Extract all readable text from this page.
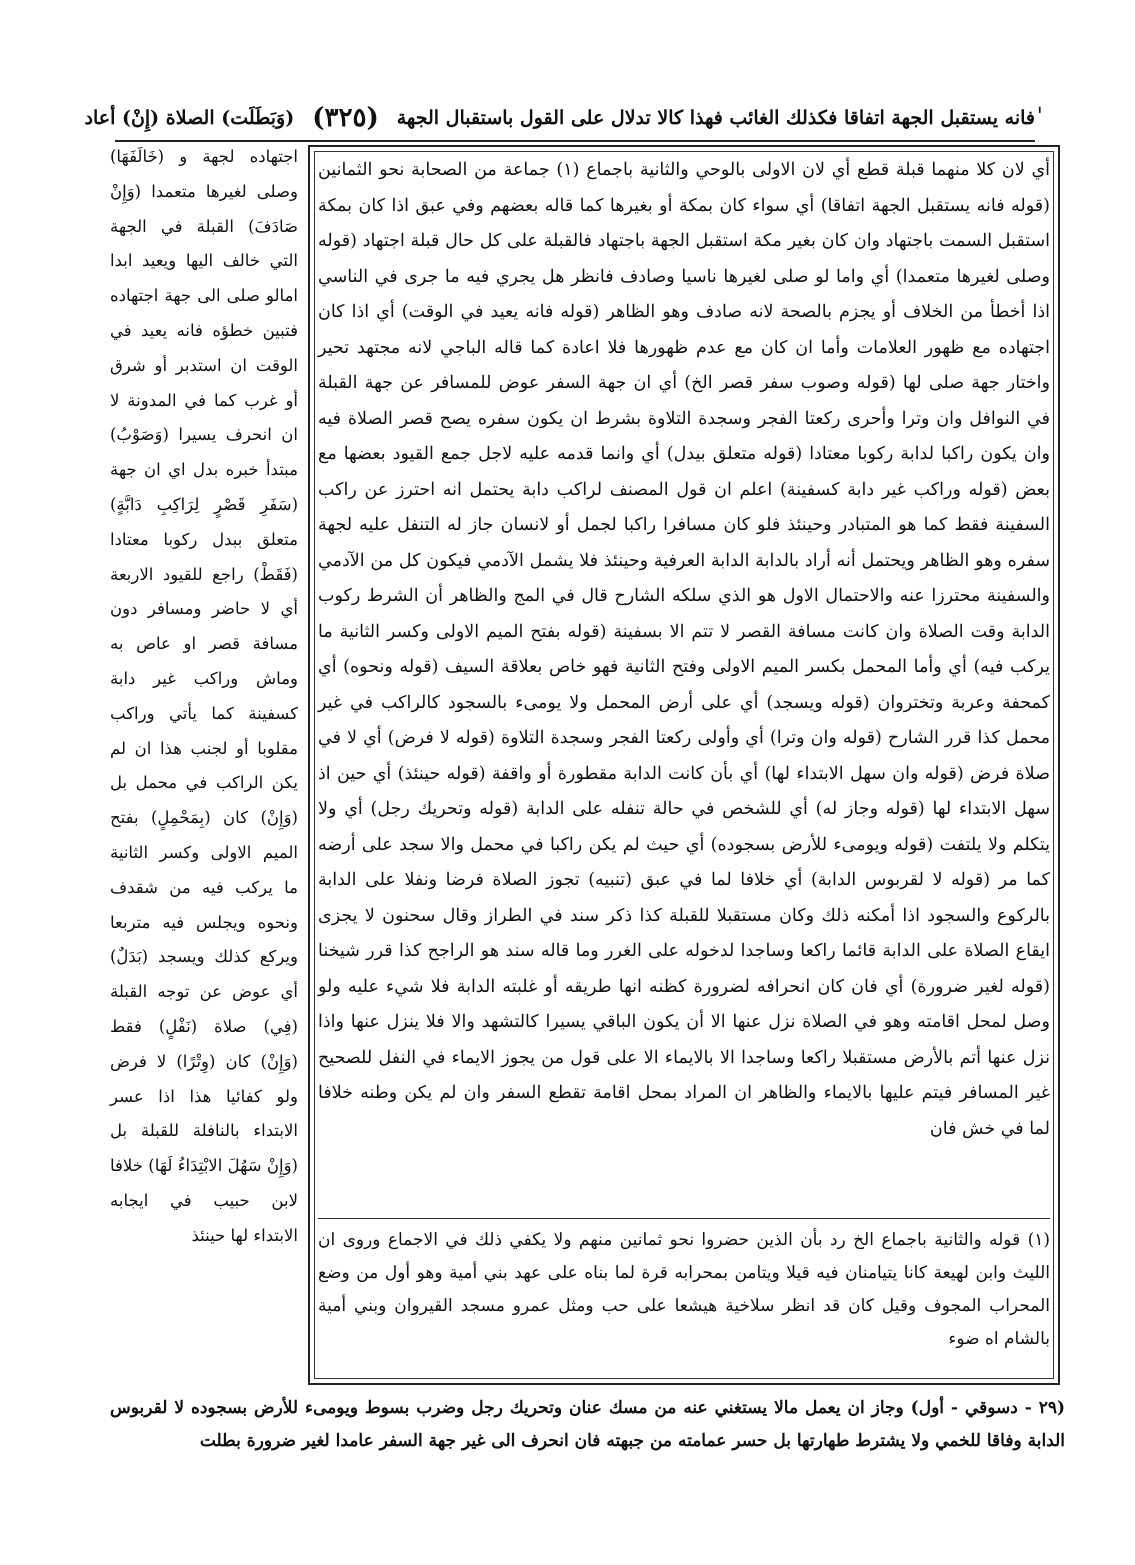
ٰفانه يستقبل الجهة اتفاقا فكذلك الغائب فهذا كالا تدلال على القول باستقبال الجهة
(٣٢٥)
(وَبَطَلَت) الصلاة (إِنْ) أعاد

أي لان كلا منهما قبلة قطع أي لان الاولى بالوحي والثانية باجماع (١) جماعة من الصحابة نحو الثمانين (قوله فانه يستقبل الجهة اتفاقا) أي سواء كان بمكة أو بغيرها كما قاله بعضهم وفي عبق اذا كان بمكة استقبل السمت باجتهاد وان كان بغير مكة استقبل الجهة باجتهاد فالقبلة على كل حال قبلة اجتهاد (قوله وصلى لغيرها متعمدا) أي واما لو صلى لغيرها ناسيا وصادف فانظر هل يجري فيه ما جرى في الناسي اذا أخطأ من الخلاف أو يجزم بالصحة لانه صادف وهو الظاهر (قوله فانه يعيد في الوقت) أي اذا كان اجتهاده مع ظهور العلامات وأما ان كان مع عدم ظهورها فلا اعادة كما قاله الباجي لانه مجتهد تحير واختار جهة صلى لها (قوله وصوب سفر قصر الخ) أي ان جهة السفر عوض للمسافر عن جهة القبلة في النوافل وان وترا وأحرى ركعتا الفجر وسجدة التلاوة بشرط ان يكون سفره يصح قصر الصلاة فيه وان يكون راكبا لدابة ركوبا معتادا (قوله متعلق بيدل) أي وانما قدمه عليه لاجل جمع القيود بعضها مع بعض (قوله وراكب غير دابة كسفينة) اعلم ان قول المصنف لراكب دابة يحتمل انه احترز عن راكب السفينة فقط كما هو المتبادر وحينئذ فلو كان مسافرا راكبا لجمل أو لانسان جاز له التنفل عليه لجهة سفره وهو الظاهر ويحتمل أنه أراد بالدابة الدابة العرفية وحينئذ فلا يشمل الآدمي فيكون كل من الآدمي والسفينة محترزا عنه والاحتمال الاول هو الذي سلكه الشارح قال في المج والظاهر أن الشرط ركوب الدابة وقت الصلاة وان كانت مسافة القصر لا تتم الا بسفينة (قوله بفتح الميم الاولى وكسر الثانية ما يركب فيه) أي وأما المحمل بكسر الميم الاولى وفتح الثانية فهو خاص بعلاقة السيف (قوله ونحوه) أي كمحفة وعربة وتختروان (قوله ويسجد) أي على أرض المحمل ولا يومىء بالسجود كالراكب في غير محمل كذا قرر الشارح (قوله وان وترا) أي وأولى ركعتا الفجر وسجدة التلاوة (قوله لا فرض) أي لا في صلاة فرض (قوله وان سهل الابتداء لها) أي بأن كانت الدابة مقطورة أو واقفة (قوله حينئذ) أي حين اذ سهل الابتداء لها (قوله وجاز له) أي للشخص في حالة تنفله على الدابة (قوله وتحريك رجل) أي ولا يتكلم ولا يلتفت (قوله ويومىء للأرض بسجوده) أي حيث لم يكن راكبا في محمل والا سجد على أرضه كما مر (قوله لا لقربوس الدابة) أي خلافا لما في عبق (تنبيه) تجوز الصلاة فرضا ونفلا على الدابة بالركوع والسجود اذا أمكنه ذلك وكان مستقبلا للقبلة كذا ذكر سند في الطراز وقال سحنون لا يجزى ايقاع الصلاة على الدابة قائما راكعا وساجدا لدخوله على الغرر وما قاله سند هو الراجح كذا قرر شيخنا (قوله لغير ضرورة) أي فان كان انحرافه لضرورة كظنه انها طريقه أو غلبته الدابة فلا شيء عليه ولو وصل لمحل اقامته وهو في الصلاة نزل عنها الا أن يكون الباقي يسيرا كالتشهد والا فلا ينزل عنها واذا نزل عنها أتم بالأرض مستقبلا راكعا وساجدا الا بالايماء الا على قول من يجوز الايماء في النفل للصحيح غير المسافر فيتم عليها بالايماء والظاهر ان المراد بمحل اقامة تقطع السفر وان لم يكن وطنه خلافا لما في خش فان

(١) قوله والثانية باجماع الخ رد بأن الذين حضروا نحو ثمانين منهم ولا يكفي ذلك في الاجماع وروى ان الليث وابن لهيعة كانا يتيامنان فيه قيلا ويتامن بمحرابه قرة لما بناه على عهد بني أمية وهو أول من وضع المحراب المجوف وقيل كان قد انظر سلاخية هيشعا على حب ومثل عمرو مسجد القيروان وبني أمية بالشام اه ضوء

اجتهاده لجهة و (خَالَفَهَا) وصلى لغيرها متعمدا (وَإِنْ صَادَفَ) القبلة في الجهة التي خالف اليها ويعيد ابدا امالو صلى الى جهة اجتهاده فتبين خطؤه فانه يعيد في الوقت ان استدبر أو شرق أو غرب كما في المدونة لا ان انحرف يسيرا (وَصَوْبُ) مبتدأ خبره بدل اي ان جهة (سَفَرِ قَصْرٍ لِرَاكِبِ دَابَّةٍ) متعلق ببدل ركوبا معتادا (فَقَطْ) راجع للقيود الاربعة أي لا حاضر ومسافر دون مسافة قصر او عاص به وماش وراكب غير دابة كسفينة كما يأتي وراكب مقلوبا أو لجنب هذا ان لم يكن الراكب في محمل بل (وَإِنْ) كان (بِمَحْمِلٍ) بفتح الميم الاولى وكسر الثانية ما يركب فيه من شقدف ونحوه ويجلس فيه متربعا ويركع كذلك ويسجد (بَدَلٌ) أي عوض عن توجه القبلة (فِي) صلاة (نَفْلٍ) فقط (وَإِنْ) كان (وِتْرًا) لا فرض ولو كفائيا هذا اذا عسر الابتداء بالنافلة للقبلة بل (وَإِنْ سَهُلَ الابْتِدَاءُ لَهَا) خلافا لابن حبيب في ايجابه الابتداء لها حينئذ

(٢٩ - دسوقي - أول) وجاز ان يعمل مالا يستغني عنه من مسك عنان وتحريك رجل وضرب بسوط ويومىء للأرض بسجوده لا لقربوس الدابة وفاقا للخمي ولا يشترط طهارتها بل حسر عمامته من جبهته فان انحرف الى غير جهة السفر عامدا لغير ضرورة بطلت
